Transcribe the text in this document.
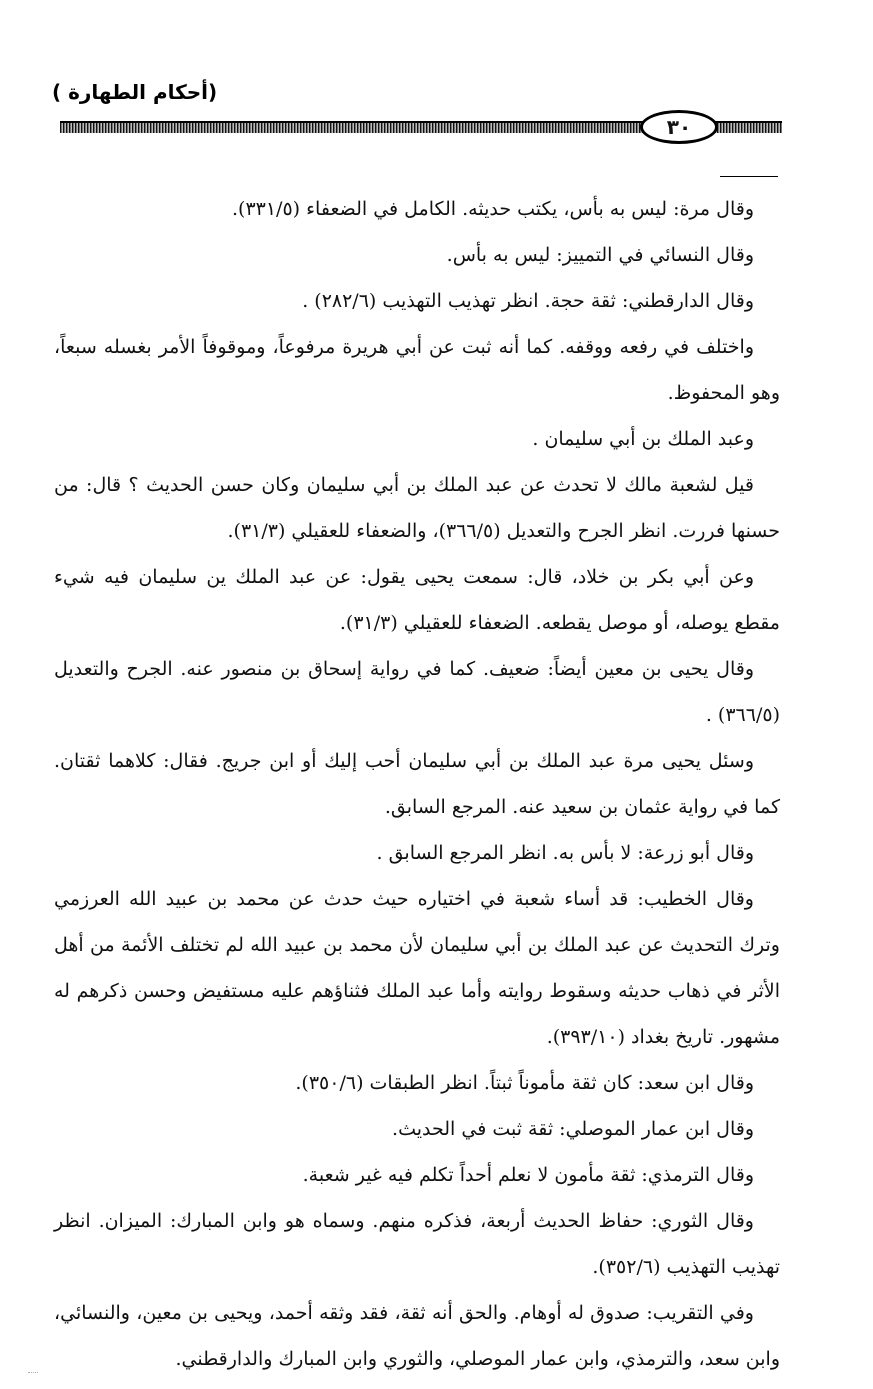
(أحكام الطهارة )
٣٠

وقال مرة: ليس به بأس، يكتب حديثه. الكامل في الضعفاء (٣٣١/٥).

وقال النسائي في التمييز: ليس به بأس.

وقال الدارقطني: ثقة حجة. انظر تهذيب التهذيب (٢٨٢/٦) .

واختلف في رفعه ووقفه. كما أنه ثبت عن أبي هريرة مرفوعاً، وموقوفاً الأمر بغسله سبعاً، وهو المحفوظ.

وعبد الملك بن أبي سليمان .

قيل لشعبة مالك لا تحدث عن عبد الملك بن أبي سليمان وكان حسن الحديث ؟ قال: من حسنها فررت. انظر الجرح والتعديل (٣٦٦/٥)، والضعفاء للعقيلي (٣١/٣).

وعن أبي بكر بن خلاد، قال: سمعت يحيى يقول: عن عبد الملك ين سليمان فيه شيء مقطع يوصله، أو موصل يقطعه. الضعفاء للعقيلي (٣١/٣).

وقال يحيى بن معين أيضاً: ضعيف. كما في رواية إسحاق بن منصور عنه. الجرح والتعديل (٣٦٦/٥) .

وسئل يحيى مرة عبد الملك بن أبي سليمان أحب إليك أو ابن جريج. فقال: كلاهما ثقتان. كما في رواية عثمان بن سعيد عنه. المرجع السابق.

وقال أبو زرعة: لا بأس به. انظر المرجع السابق .

وقال الخطيب: قد أساء شعبة في اختياره حيث حدث عن محمد بن عبيد الله العرزمي وترك التحديث عن عبد الملك بن أبي سليمان لأن محمد بن عبيد الله لم تختلف الأئمة من أهل الأثر في ذهاب حديثه وسقوط روايته وأما عبد الملك فثناؤهم عليه مستفيض وحسن ذكرهم له مشهور. تاريخ بغداد (٣٩٣/١٠).

وقال ابن سعد: كان ثقة مأموناً ثبتاً. انظر الطبقات (٣٥٠/٦).

وقال ابن عمار الموصلي: ثقة ثبت في الحديث.

وقال الترمذي: ثقة مأمون لا نعلم أحداً تكلم فيه غير شعبة.

وقال الثوري: حفاظ الحديث أربعة، فذكره منهم. وسماه هو وابن المبارك: الميزان. انظر تهذيب التهذيب (٣٥٢/٦).

وفي التقريب: صدوق له أوهام. والحق أنه ثقة، فقد وثقه أحمد، ويحيى بن معين، والنسائي، وابن سعد، والترمذي، وابن عمار الموصلي، والثوري وابن المبارك والدارقطني.
